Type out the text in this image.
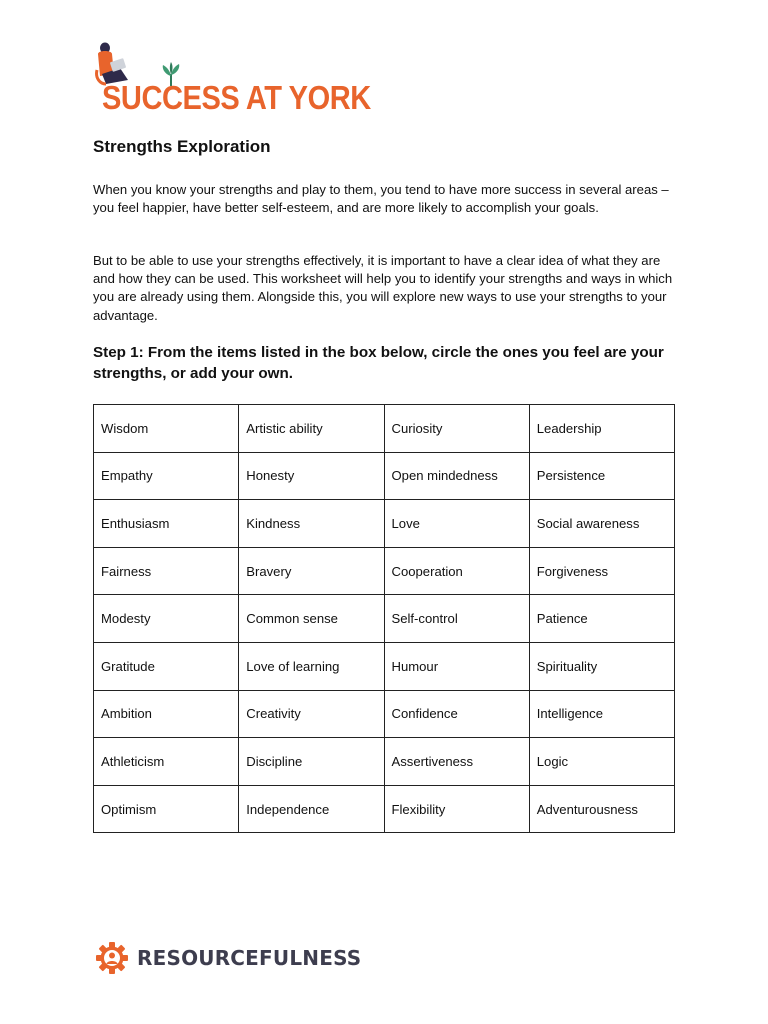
SUCCESS AT YORK
Strengths Exploration

When you know your strengths and play to them, you tend to have more success in several areas – you feel happier, have better self-esteem, and are more likely to accomplish your goals.

But to be able to use your strengths effectively, it is important to have a clear idea of what they are and how they can be used. This worksheet will help you to identify your strengths and ways in which you are already using them. Alongside this, you will explore new ways to use your strengths to your advantage.

Step 1: From the items listed in the box below, circle the ones you feel are your strengths, or add your own.

Wisdom	Artistic ability	Curiosity	Leadership
Empathy	Honesty	Open mindedness	Persistence
Enthusiasm	Kindness	Love	Social awareness
Fairness	Bravery	Cooperation	Forgiveness
Modesty	Common sense	Self-control	Patience
Gratitude	Love of learning	Humour	Spirituality
Ambition	Creativity	Confidence	Intelligence
Athleticism	Discipline	Assertiveness	Logic
Optimism	Independence	Flexibility	Adventurousness
RESOURCEFULNESS
